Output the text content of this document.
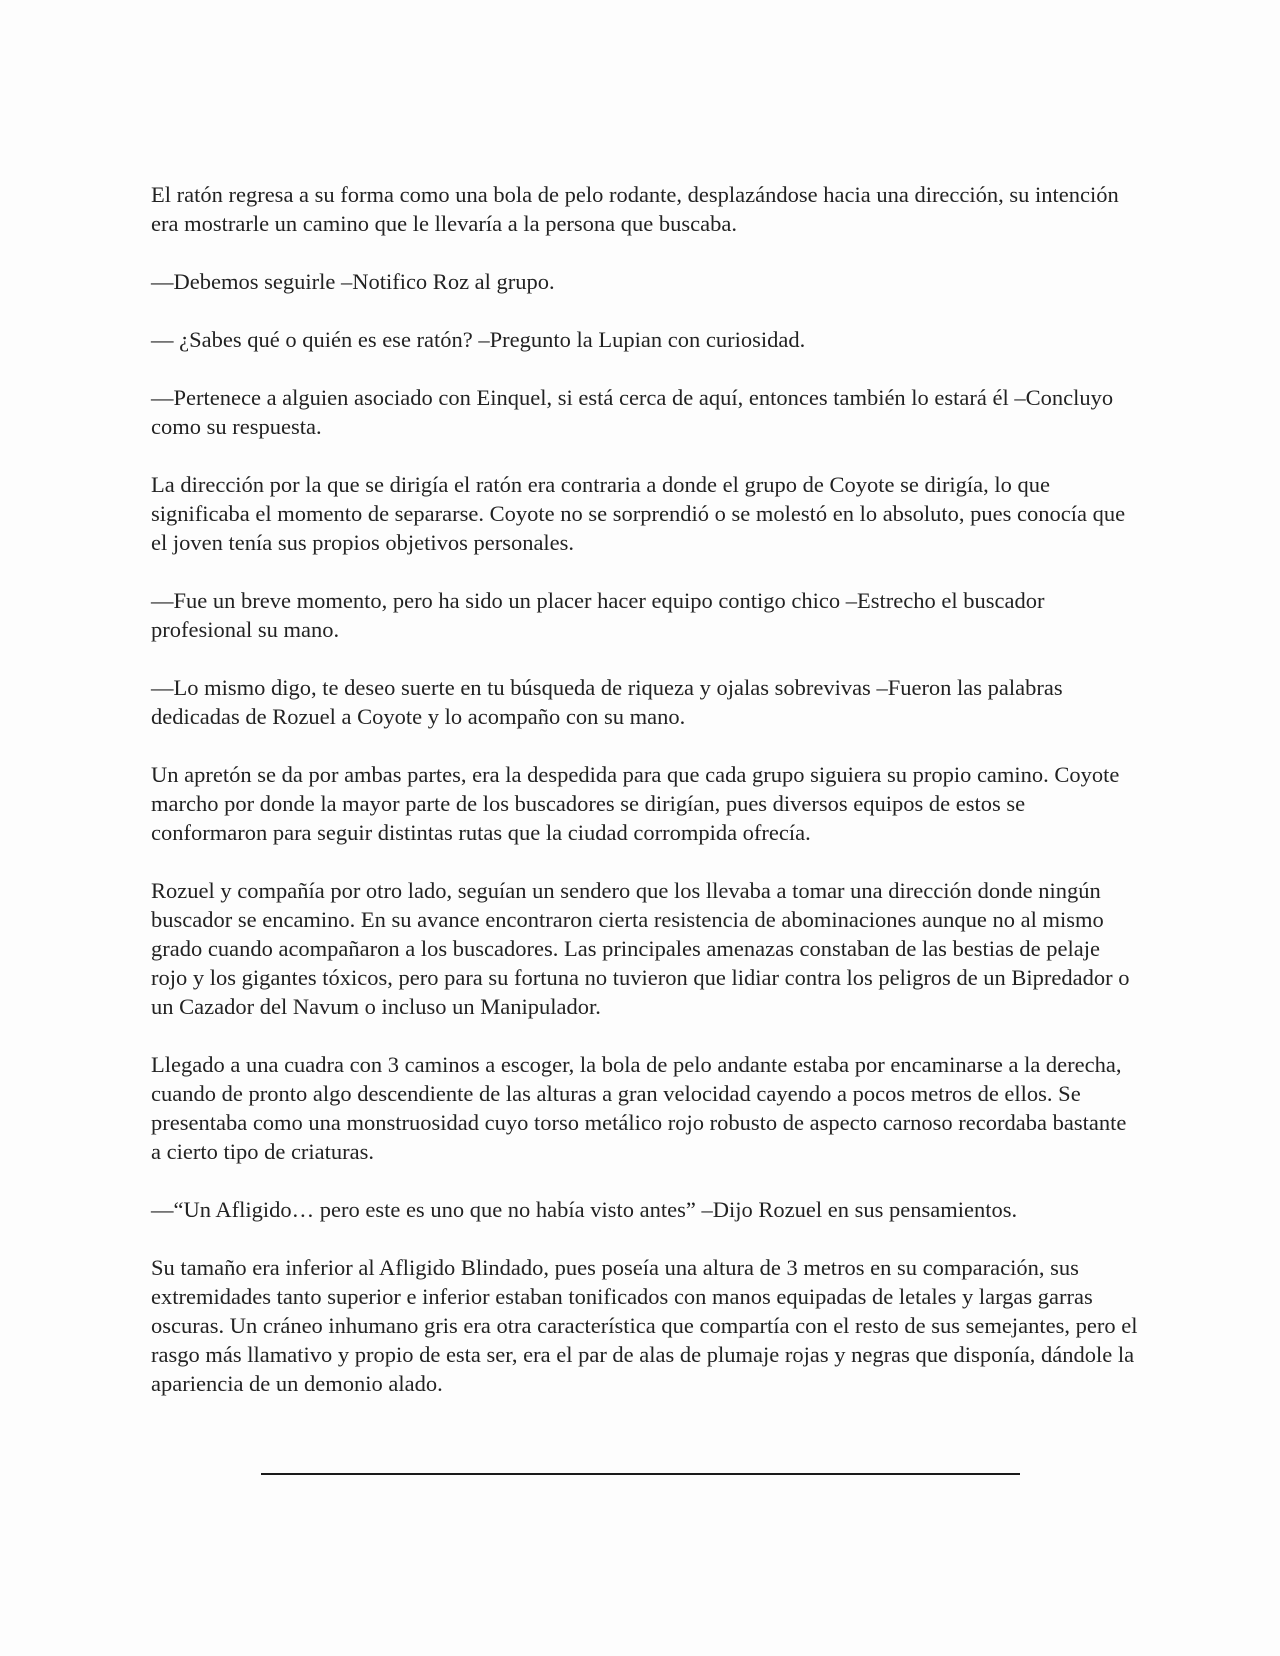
El ratón regresa a su forma como una bola de pelo rodante, desplazándose hacia una dirección, su intención era mostrarle un camino que le llevaría a la persona que buscaba.

—Debemos seguirle –Notifico Roz al grupo.

— ¿Sabes qué o quién es ese ratón? –Pregunto la Lupian con curiosidad.

—Pertenece a alguien asociado con Einquel, si está cerca de aquí, entonces también lo estará él –Concluyo como su respuesta.

La dirección por la que se dirigía el ratón era contraria a donde el grupo de Coyote se dirigía, lo que significaba el momento de separarse. Coyote no se sorprendió o se molestó en lo absoluto, pues conocía que el joven tenía sus propios objetivos personales.

—Fue un breve momento, pero ha sido un placer hacer equipo contigo chico –Estrecho el buscador profesional su mano.

—Lo mismo digo, te deseo suerte en tu búsqueda de riqueza y ojalas sobrevivas –Fueron las palabras dedicadas de Rozuel a Coyote y lo acompaño con su mano.

Un apretón se da por ambas partes, era la despedida para que cada grupo siguiera su propio camino. Coyote marcho por donde la mayor parte de los buscadores se dirigían, pues diversos equipos de estos se conformaron para seguir distintas rutas que la ciudad corrompida ofrecía.

Rozuel y compañía por otro lado, seguían un sendero que los llevaba a tomar una dirección donde ningún buscador se encamino. En su avance encontraron cierta resistencia de abominaciones aunque no al mismo grado cuando acompañaron a los buscadores. Las principales amenazas constaban de las bestias de pelaje rojo y los gigantes tóxicos, pero para su fortuna no tuvieron que lidiar contra los peligros de un Bipredador o un Cazador del Navum o incluso un Manipulador.

Llegado a una cuadra con 3 caminos a escoger, la bola de pelo andante estaba por encaminarse a la derecha, cuando de pronto algo descendiente de las alturas a gran velocidad cayendo a pocos metros de ellos. Se presentaba como una monstruosidad cuyo torso metálico rojo robusto de aspecto carnoso recordaba bastante a cierto tipo de criaturas.

—“Un Afligido… pero este es uno que no había visto antes” –Dijo Rozuel en sus pensamientos.

Su tamaño era inferior al Afligido Blindado, pues poseía una altura de 3 metros en su comparación, sus extremidades tanto superior e inferior estaban tonificados con manos equipadas de letales y largas garras oscuras. Un cráneo inhumano gris era otra característica que compartía con el resto de sus semejantes, pero el rasgo más llamativo y propio de esta ser, era el par de alas de plumaje rojas y negras que disponía, dándole la apariencia de un demonio alado.
